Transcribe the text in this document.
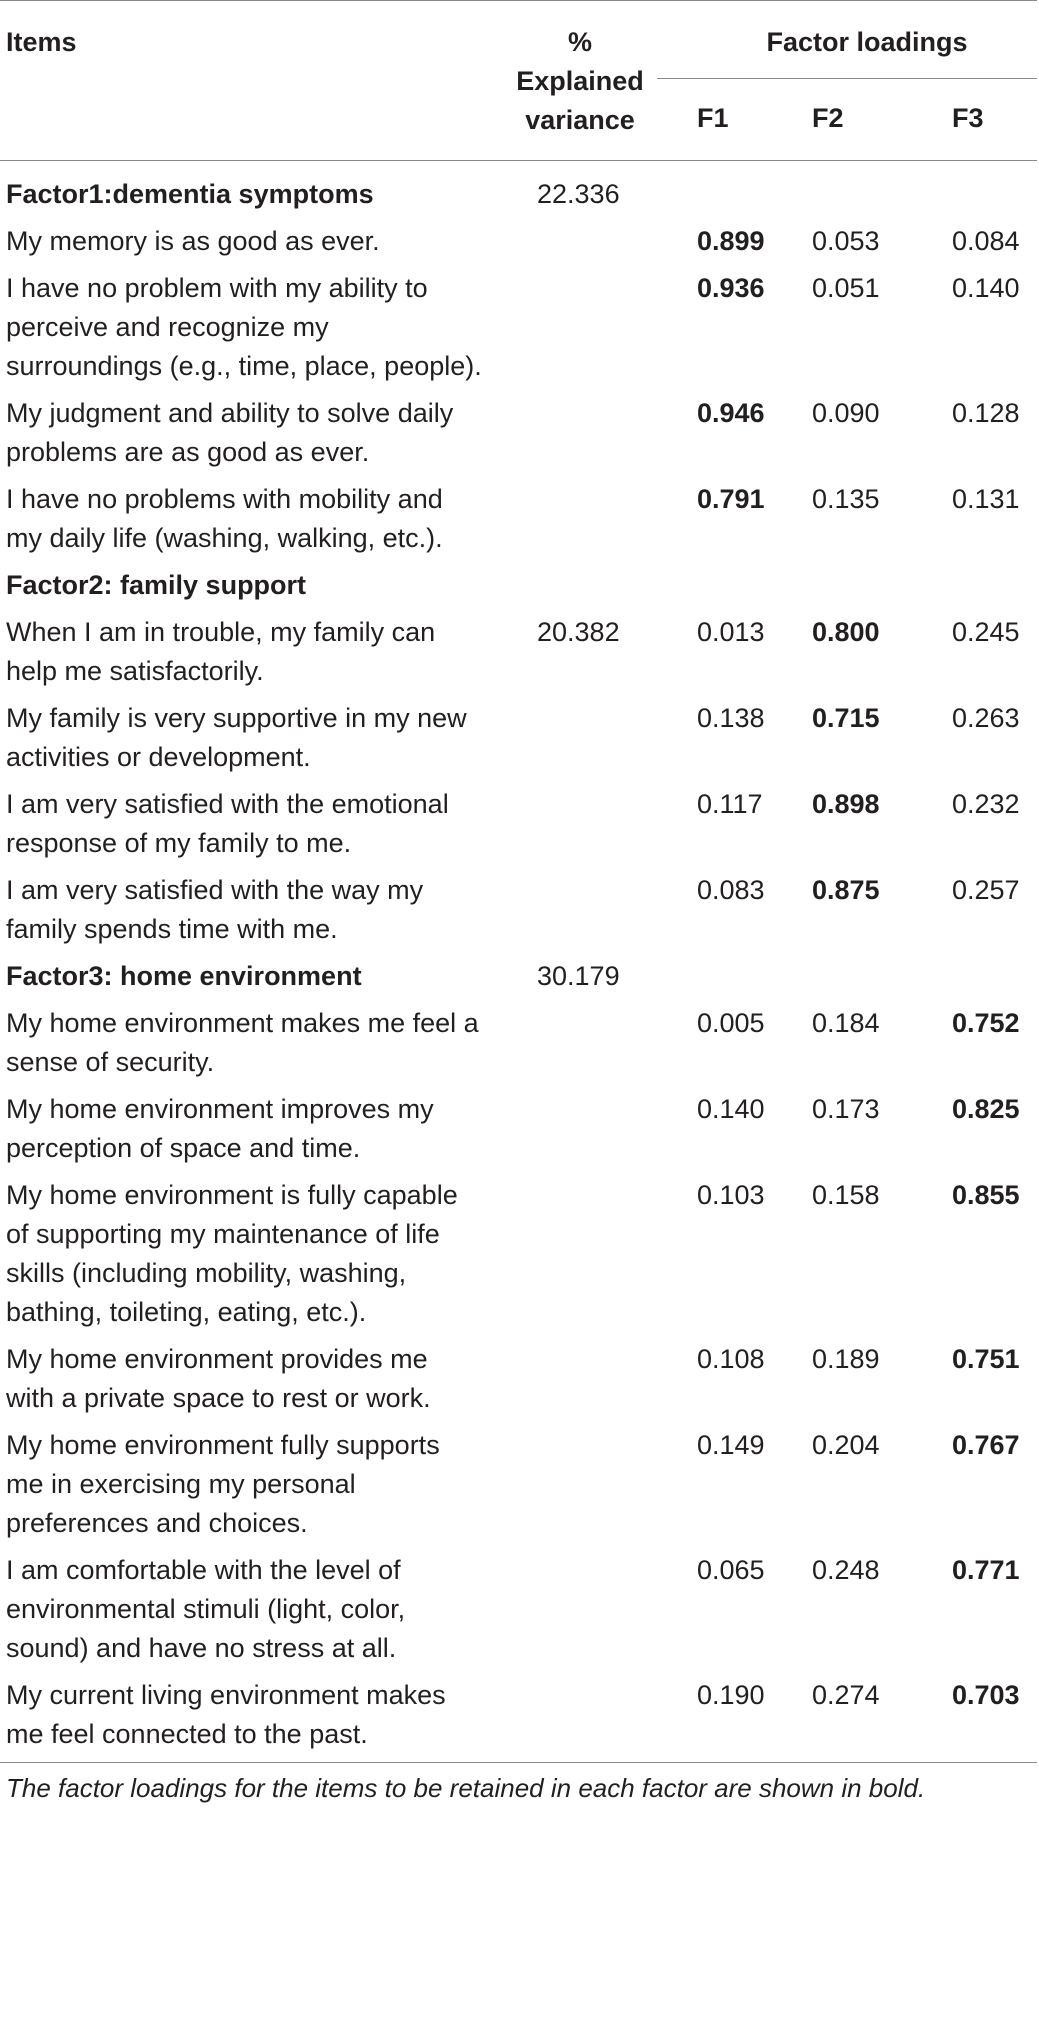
Items	%
Explained
variance	Factor loadings		

		F1	F2	F3
Factor1:dementia symptoms	22.336			
My memory is as good as ever.		0.899	0.053	0.084
I have no problem with my ability to perceive and recognize my surroundings (e.g., time, place, people).		0.936	0.051	0.140
My judgment and ability to solve daily problems are as good as ever.		0.946	0.090	0.128
I have no problems with mobility and my daily life (washing, walking, etc.).		0.791	0.135	0.131
Factor2: family support				
When I am in trouble, my family can help me satisfactorily.	20.382	0.013	0.800	0.245
My family is very supportive in my new activities or development.		0.138	0.715	0.263
I am very satisfied with the emotional response of my family to me.		0.117	0.898	0.232
I am very satisfied with the way my family spends time with me.		0.083	0.875	0.257
Factor3: home environment	30.179			
My home environment makes me feel a sense of security.		0.005	0.184	0.752
My home environment improves my perception of space and time.		0.140	0.173	0.825
My home environment is fully capable of supporting my maintenance of life skills (including mobility, washing, bathing, toileting, eating, etc.).		0.103	0.158	0.855
My home environment provides me with a private space to rest or work.		0.108	0.189	0.751
My home environment fully supports me in exercising my personal preferences and choices.		0.149	0.204	0.767
I am comfortable with the level of environmental stimuli (light, color, sound) and have no stress at all.		0.065	0.248	0.771
My current living environment makes me feel connected to the past.		0.190	0.274	0.703
The factor loadings for the items to be retained in each factor are shown in bold.
